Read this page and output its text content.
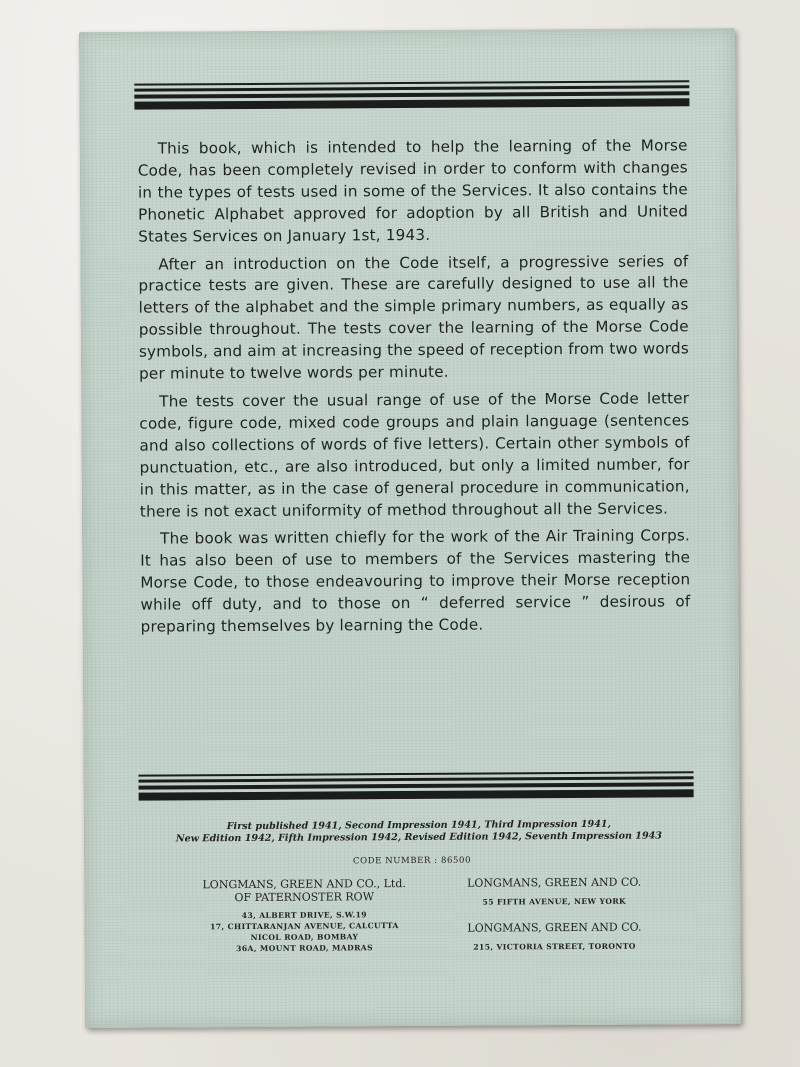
This book, which is intended to help the learning of the Morse Code, has been completely revised in order to conform with changes in the types of tests used in some of the Services. It also contains the Phonetic Alphabet approved for adoption by all British and United States Services on January 1st, 1943.

After an introduction on the Code itself, a progressive series of practice tests are given. These are carefully designed to use all the letters of the alphabet and the simple primary numbers, as equally as possible throughout. The tests cover the learning of the Morse Code symbols, and aim at increasing the speed of reception from two words per minute to twelve words per minute.

The tests cover the usual range of use of the Morse Code letter code, figure code, mixed code groups and plain language (sentences and also collections of words of five letters). Certain other symbols of punctuation, etc., are also introduced, but only a limited number, for in this matter, as in the case of general procedure in communication, there is not exact uniformity of method throughout all the Services.

The book was written chiefly for the work of the Air Training Corps. It has also been of use to members of the Services mastering the Morse Code, to those endeavouring to improve their Morse reception while off duty, and to those on “ deferred service ” desirous of preparing themselves by learning the Code.

First published 1941, Second Impression 1941, Third Impression 1941,
New Edition 1942, Fifth Impression 1942, Revised Edition 1942, Seventh Impression 1943
CODE NUMBER : 86500
LONGMANS, GREEN AND CO., Ltd.
OF PATERNOSTER ROW
43, ALBERT DRIVE, S.W.19
17, CHITTARANJAN AVENUE, CALCUTTA
NICOL ROAD, BOMBAY
36A, MOUNT ROAD, MADRAS
LONGMANS, GREEN AND CO.
55 FIFTH AVENUE, NEW YORK
LONGMANS, GREEN AND CO.
215, VICTORIA STREET, TORONTO
